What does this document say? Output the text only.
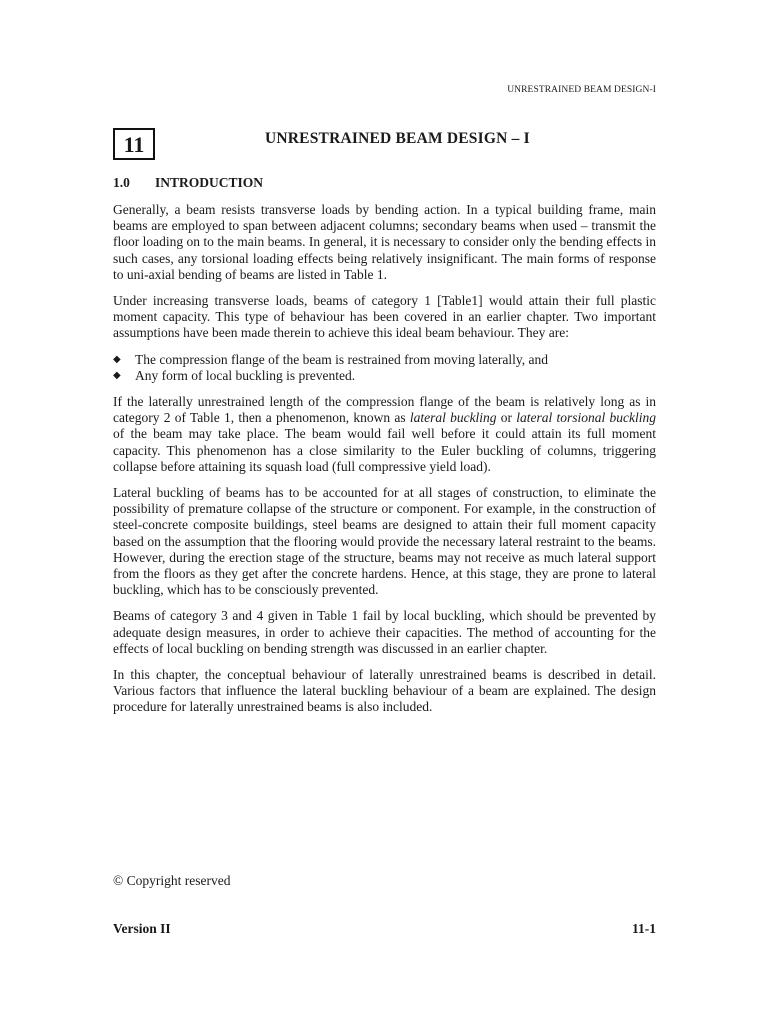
UNRESTRAINED BEAM DESIGN-I
11	UNRESTRAINED BEAM DESIGN – I
1.0 INTRODUCTION

Generally, a beam resists transverse loads by bending action. In a typical building frame, main beams are employed to span between adjacent columns; secondary beams when used – transmit the floor loading on to the main beams. In general, it is necessary to consider only the bending effects in such cases, any torsional loading effects being relatively insignificant. The main forms of response to uni-axial bending of beams are listed in Table 1.

Under increasing transverse loads, beams of category 1 [Table1] would attain their full plastic moment capacity. This type of behaviour has been covered in an earlier chapter. Two important assumptions have been made therein to achieve this ideal beam behaviour. They are:

◆ The compression flange of the beam is restrained from moving laterally, and
◆ Any form of local buckling is prevented.

If the laterally unrestrained length of the compression flange of the beam is relatively long as in category 2 of Table 1, then a phenomenon, known as lateral buckling or lateral torsional buckling of the beam may take place. The beam would fail well before it could attain its full moment capacity. This phenomenon has a close similarity to the Euler buckling of columns, triggering collapse before attaining its squash load (full compressive yield load).

Lateral buckling of beams has to be accounted for at all stages of construction, to eliminate the possibility of premature collapse of the structure or component. For example, in the construction of steel-concrete composite buildings, steel beams are designed to attain their full moment capacity based on the assumption that the flooring would provide the necessary lateral restraint to the beams. However, during the erection stage of the structure, beams may not receive as much lateral support from the floors as they get after the concrete hardens. Hence, at this stage, they are prone to lateral buckling, which has to be consciously prevented.

Beams of category 3 and 4 given in Table 1 fail by local buckling, which should be prevented by adequate design measures, in order to achieve their capacities. The method of accounting for the effects of local buckling on bending strength was discussed in an earlier chapter.

In this chapter, the conceptual behaviour of laterally unrestrained beams is described in detail. Various factors that influence the lateral buckling behaviour of a beam are explained. The design procedure for laterally unrestrained beams is also included.

© Copyright reserved
Version II	11-1
